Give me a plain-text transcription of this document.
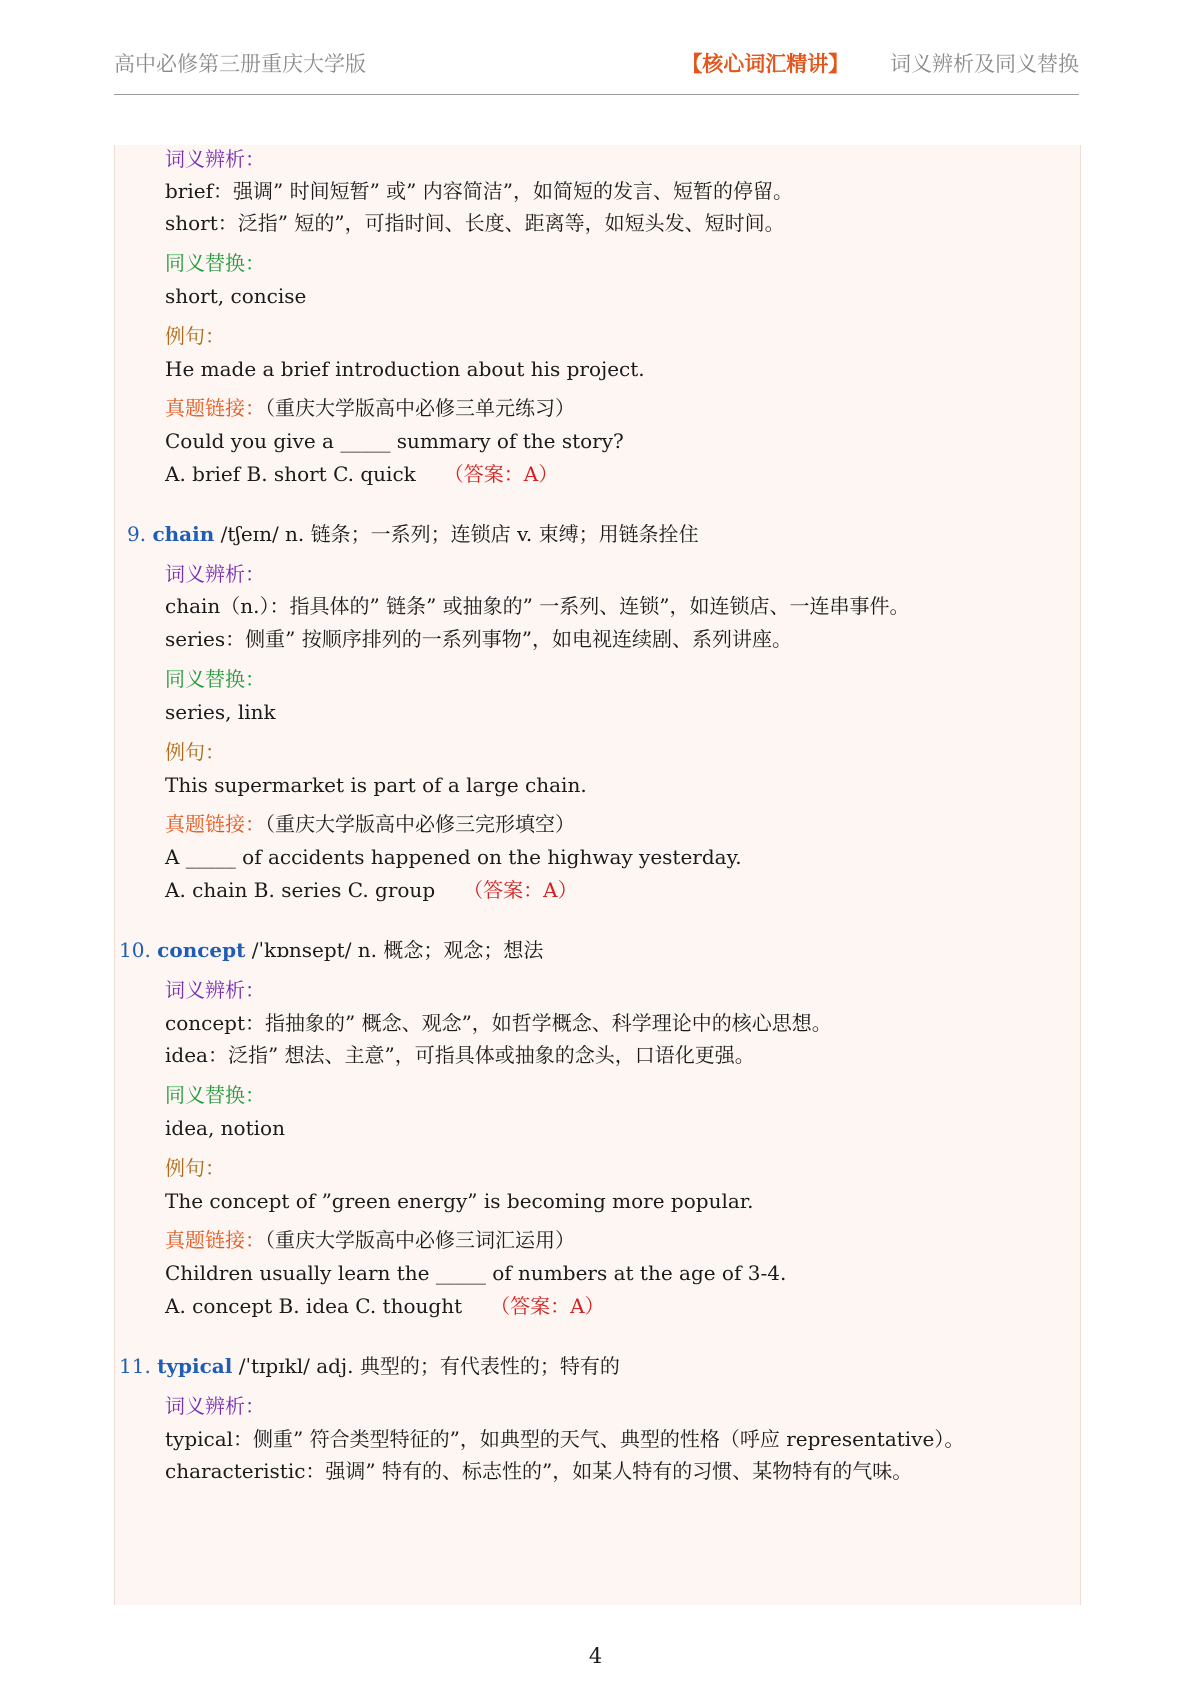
高中必修第三册重庆大学版	【核心词汇精讲】 词义辨析及同义替换
词义辨析：
brief：强调” 时间短暂” 或” 内容简洁”，如简短的发言、短暂的停留。
short：泛指” 短的”，可指时间、长度、距离等，如短头发、短时间。
同义替换：
short, concise
例句：
He made a brief introduction about his project.
真题链接：（重庆大学版高中必修三单元练习）
Could you give a _____ summary of the story?
A. brief B. short C. quick （答案：A）
9. chain /tʃeɪn/ n. 链条；一系列；连锁店 v. 束缚；用链条拴住
词义辨析：
chain（n.）：指具体的” 链条” 或抽象的” 一系列、连锁”，如连锁店、一连串事件。
series：侧重” 按顺序排列的一系列事物”，如电视连续剧、系列讲座。
同义替换：
series, link
例句：
This supermarket is part of a large chain.
真题链接：（重庆大学版高中必修三完形填空）
A _____ of accidents happened on the highway yesterday.
A. chain B. series C. group （答案：A）
10. concept /ˈkɒnsept/ n. 概念；观念；想法
词义辨析：
concept：指抽象的” 概念、观念”，如哲学概念、科学理论中的核心思想。
idea：泛指” 想法、主意”，可指具体或抽象的念头，口语化更强。
同义替换：
idea, notion
例句：
The concept of ”green energy” is becoming more popular.
真题链接：（重庆大学版高中必修三词汇运用）
Children usually learn the _____ of numbers at the age of 3-4.
A. concept B. idea C. thought （答案：A）
11. typical /ˈtɪpɪkl/ adj. 典型的；有代表性的；特有的
词义辨析：
typical：侧重” 符合类型特征的”，如典型的天气、典型的性格（呼应 representative）。
characteristic：强调” 特有的、标志性的”，如某人特有的习惯、某物特有的气味。
4
